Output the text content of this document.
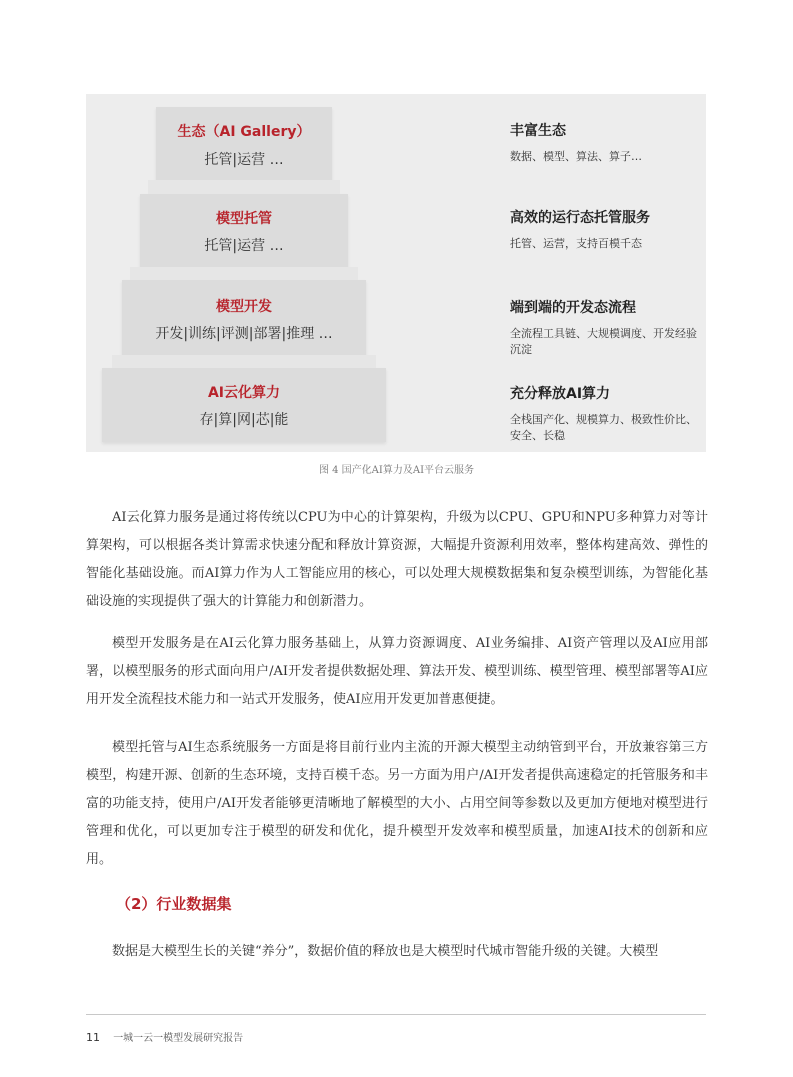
生态（AI Gallery）
托管|运营 …
模型托管
托管|运营 …
模型开发
开发|训练|评测|部署|推理 …
AI云化算力
存|算|网|芯|能
丰富生态
数据、模型、算法、算子…
高效的运行态托管服务
托管、运营，支持百模千态
端到端的开发态流程
全流程工具链、大规模调度、开发经验沉淀
充分释放AI算力
全栈国产化、规模算力、极致性价比、安全、长稳
图 4 国产化AI算力及AI平台云服务

AI云化算力服务是通过将传统以CPU为中心的计算架构，升级为以CPU、GPU和NPU多种算力对等计算架构，可以根据各类计算需求快速分配和释放计算资源，大幅提升资源利用效率，整体构建高效、弹性的智能化基础设施。而AI算力作为人工智能应用的核心，可以处理大规模数据集和复杂模型训练，为智能化基础设施的实现提供了强大的计算能力和创新潜力。

模型开发服务是在AI云化算力服务基础上，从算力资源调度、AI业务编排、AI资产管理以及AI应用部署，以模型服务的形式面向用户/AI开发者提供数据处理、算法开发、模型训练、模型管理、模型部署等AI应用开发全流程技术能力和一站式开发服务，使AI应用开发更加普惠便捷。

模型托管与AI生态系统服务一方面是将目前行业内主流的开源大模型主动纳管到平台，开放兼容第三方模型，构建开源、创新的生态环境，支持百模千态。另一方面为用户/AI开发者提供高速稳定的托管服务和丰富的功能支持，使用户/AI开发者能够更清晰地了解模型的大小、占用空间等参数以及更加方便地对模型进行管理和优化，可以更加专注于模型的研发和优化，提升模型开发效率和模型质量，加速AI技术的创新和应用。

（2）行业数据集

数据是大模型生长的关键“养分”，数据价值的释放也是大模型时代城市智能升级的关键。大模型

11 一城一云一模型发展研究报告
